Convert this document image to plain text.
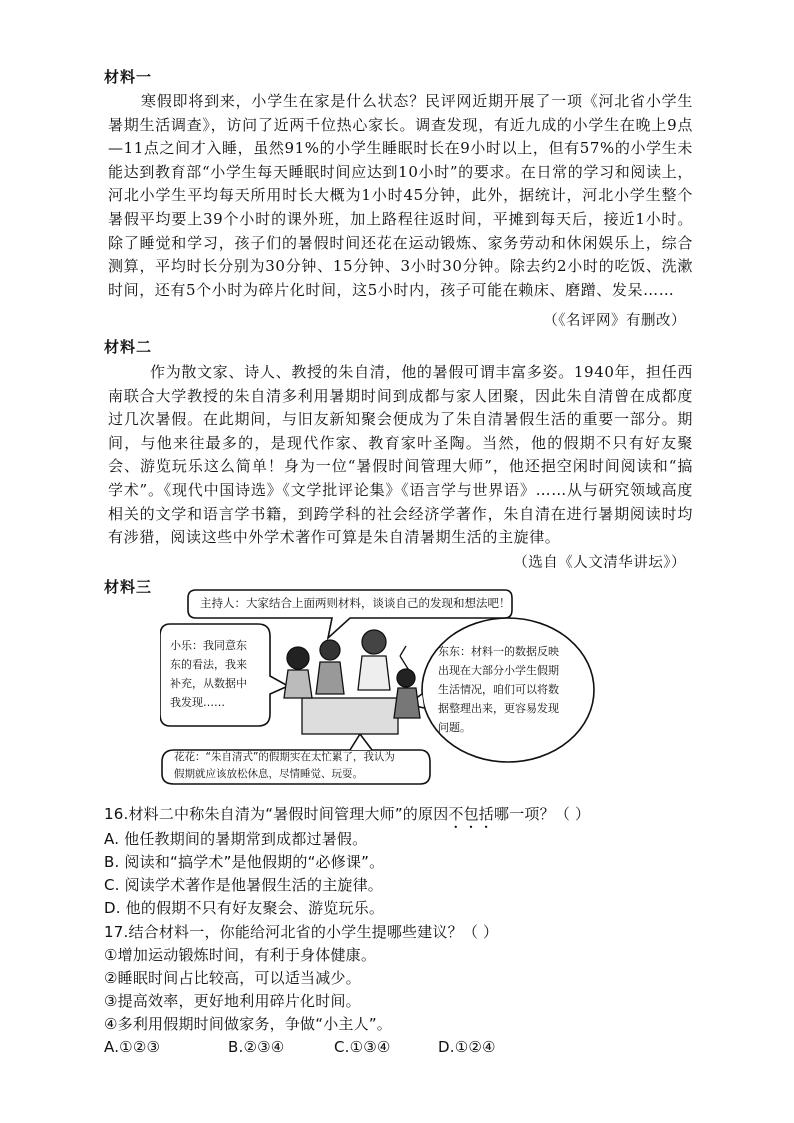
材料一

寒假即将到来，小学生在家是什么状态？民评网近期开展了一项《河北省小学生暑期生活调查》，访问了近两千位热心家长。调查发现，有近九成的小学生在晚上9点—11点之间才入睡，虽然91%的小学生睡眠时长在9小时以上，但有57%的小学生未能达到教育部“小学生每天睡眠时间应达到10小时”的要求。在日常的学习和阅读上，河北小学生平均每天所用时长大概为1小时45分钟，此外，据统计，河北小学生整个暑假平均要上39个小时的课外班，加上路程往返时间，平摊到每天后，接近1小时。除了睡觉和学习，孩子们的暑假时间还花在运动锻炼、家务劳动和休闲娱乐上，综合测算，平均时长分别为30分钟、15分钟、3小时30分钟。除去约2小时的吃饭、洗漱时间，还有5个小时为碎片化时间，这5小时内，孩子可能在赖床、磨蹭、发呆……

（《名评网》有删改）
材料二

作为散文家、诗人、教授的朱自清，他的暑假可谓丰富多姿。1940年，担任西南联合大学教授的朱自清多利用暑期时间到成都与家人团聚，因此朱自清曾在成都度过几次暑假。在此期间，与旧友新知聚会便成为了朱自清暑假生活的重要一部分。期间，与他来往最多的，是现代作家、教育家叶圣陶。当然，他的假期不只有好友聚会、游览玩乐这么简单！身为一位“暑假时间管理大师”，他还挹空闲时间阅读和“搞学术”。《现代中国诗选》《文学批评论集》《语言学与世界语》……从与研究领域高度相关的文学和语言学书籍，到跨学科的社会经济学著作，朱自清在进行暑期阅读时均有涉猎，阅读这些中外学术著作可算是朱自清暑期生活的主旋律。

（选自《人文清华讲坛》）
材料三
小乐：我同意东
东的看法，我来
补充，从数据中
我发现……
主持人：大家结合上面两则材料，谈谈自己的发现和想法吧！
东东：材料一的数据反映
出现在大部分小学生假期
生活情况，咱们可以将数
据整理出来，更容易发现
问题。
花花：“朱自清式”的假期实在太忙累了，我认为
假期就应该放松休息，尽情睡觉、玩耍。
16.材料二中称朱自清为“暑假时间管理大师”的原因不包括哪一项？（ ）
A. 他任教期间的暑期常到成都过暑假。
B. 阅读和“搞学术”是他假期的“必修课”。
C. 阅读学术著作是他暑假生活的主旋律。
D. 他的假期不只有好友聚会、游览玩乐。
17.结合材料一，你能给河北省的小学生提哪些建议？（ ）
①增加运动锻炼时间，有利于身体健康。
②睡眠时间占比较高，可以适当减少。
③提高效率，更好地利用碎片化时间。
④多利用假期时间做家务，争做“小主人”。
A.①②③	B.②③④	C.①③④	D.①②④
